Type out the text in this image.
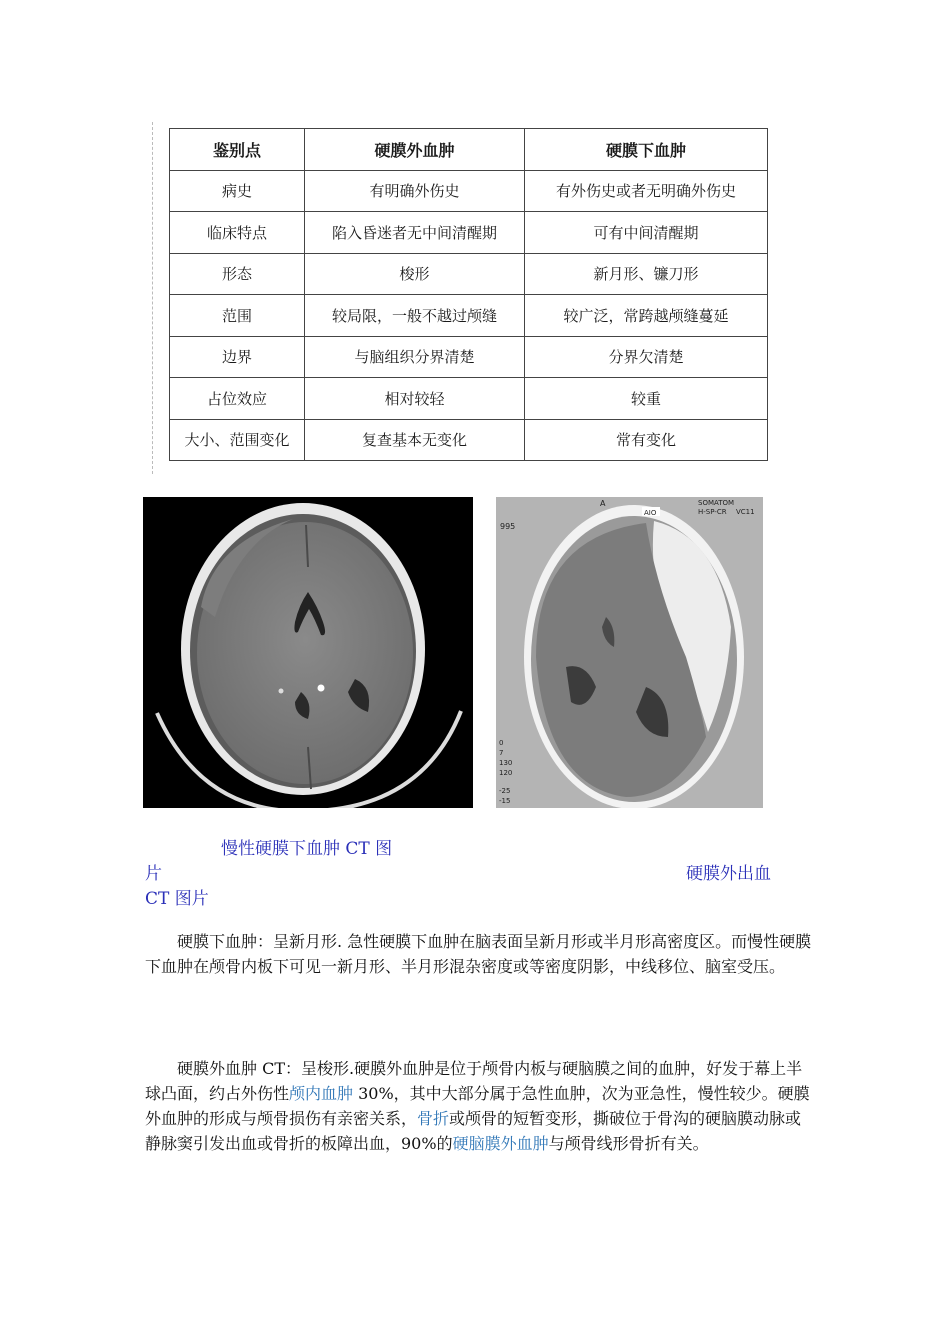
鉴别点	硬膜外血肿	硬膜下血肿
病史	有明确外伤史	有外伤史或者无明确外伤史
临床特点	陷入昏迷者无中间清醒期	可有中间清醒期
形态	梭形	新月形、镰刀形
范围	较局限，一般不越过颅缝	较广泛，常跨越颅缝蔓延
边界	与脑组织分界清楚	分界欠清楚
占位效应	相对较轻	较重
大小、范围变化	复查基本无变化	常有变化
A
995
SOMATOM
H-SP-CR VC11
AIO
0
7
130
120
-25
-15
慢性硬膜下血肿 CT 图
片	硬膜外出血
CT 图片
硬膜下血肿：呈新月形. 急性硬膜下血肿在脑表面呈新月形或半月形高密度区。而慢性硬膜下血肿在颅骨内板下可见一新月形、半月形混杂密度或等密度阴影，中线移位、脑室受压。
硬膜外血肿 CT：呈梭形.硬膜外血肿是位于颅骨内板与硬脑膜之间的血肿，好发于幕上半球凸面，约占外伤性颅内血肿 30%，其中大部分属于急性血肿，次为亚急性，慢性较少。硬膜外血肿的形成与颅骨损伤有亲密关系，骨折或颅骨的短暂变形，撕破位于骨沟的硬脑膜动脉或静脉窦引发出血或骨折的板障出血，90%的硬脑膜外血肿与颅骨线形骨折有关。
